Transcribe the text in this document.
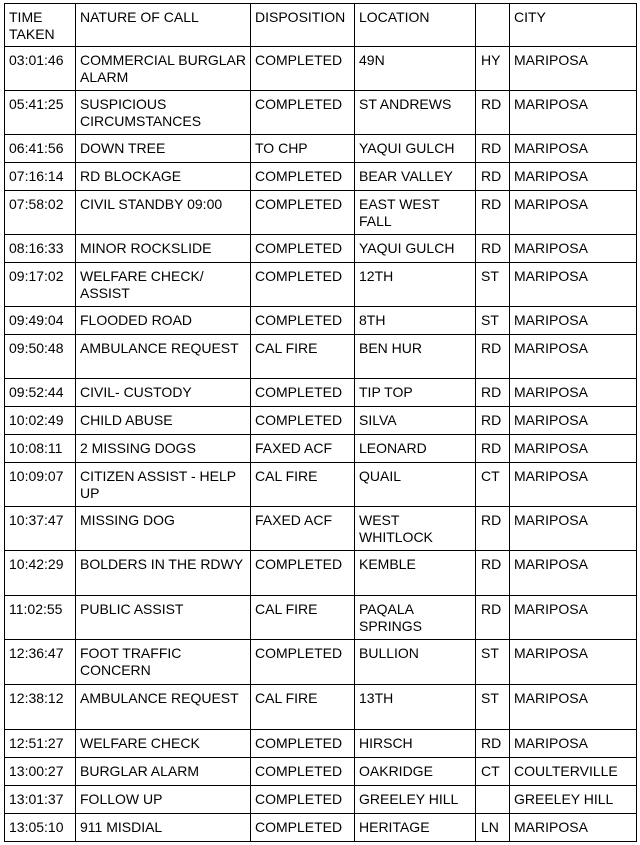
TIME TAKEN	NATURE OF CALL	DISPOSITION	LOCATION		CITY
03:01:46	COMMERCIAL BURGLAR ALARM	COMPLETED	49N	HY	MARIPOSA
05:41:25	SUSPICIOUS CIRCUMSTANCES	COMPLETED	ST ANDREWS	RD	MARIPOSA
06:41:56	DOWN TREE	TO CHP	YAQUI GULCH	RD	MARIPOSA
07:16:14	RD BLOCKAGE	COMPLETED	BEAR VALLEY	RD	MARIPOSA
07:58:02	CIVIL STANDBY 09:00	COMPLETED	EAST WEST FALL	RD	MARIPOSA
08:16:33	MINOR ROCKSLIDE	COMPLETED	YAQUI GULCH	RD	MARIPOSA
09:17:02	WELFARE CHECK/ ASSIST	COMPLETED	12TH	ST	MARIPOSA
09:49:04	FLOODED ROAD	COMPLETED	8TH	ST	MARIPOSA
09:50:48	AMBULANCE REQUEST	CAL FIRE	BEN HUR	RD	MARIPOSA
09:52:44	CIVIL- CUSTODY	COMPLETED	TIP TOP	RD	MARIPOSA
10:02:49	CHILD ABUSE	COMPLETED	SILVA	RD	MARIPOSA
10:08:11	2 MISSING DOGS	FAXED ACF	LEONARD	RD	MARIPOSA
10:09:07	CITIZEN ASSIST - HELP UP	CAL FIRE	QUAIL	CT	MARIPOSA
10:37:47	MISSING DOG	FAXED ACF	WEST WHITLOCK	RD	MARIPOSA
10:42:29	BOLDERS IN THE RDWY	COMPLETED	KEMBLE	RD	MARIPOSA
11:02:55	PUBLIC ASSIST	CAL FIRE	PAQALA SPRINGS	RD	MARIPOSA
12:36:47	FOOT TRAFFIC CONCERN	COMPLETED	BULLION	ST	MARIPOSA
12:38:12	AMBULANCE REQUEST	CAL FIRE	13TH	ST	MARIPOSA
12:51:27	WELFARE CHECK	COMPLETED	HIRSCH	RD	MARIPOSA
13:00:27	BURGLAR ALARM	COMPLETED	OAKRIDGE	CT	COULTERVILLE
13:01:37	FOLLOW UP	COMPLETED	GREELEY HILL		GREELEY HILL
13:05:10	911 MISDIAL	COMPLETED	HERITAGE	LN	MARIPOSA
